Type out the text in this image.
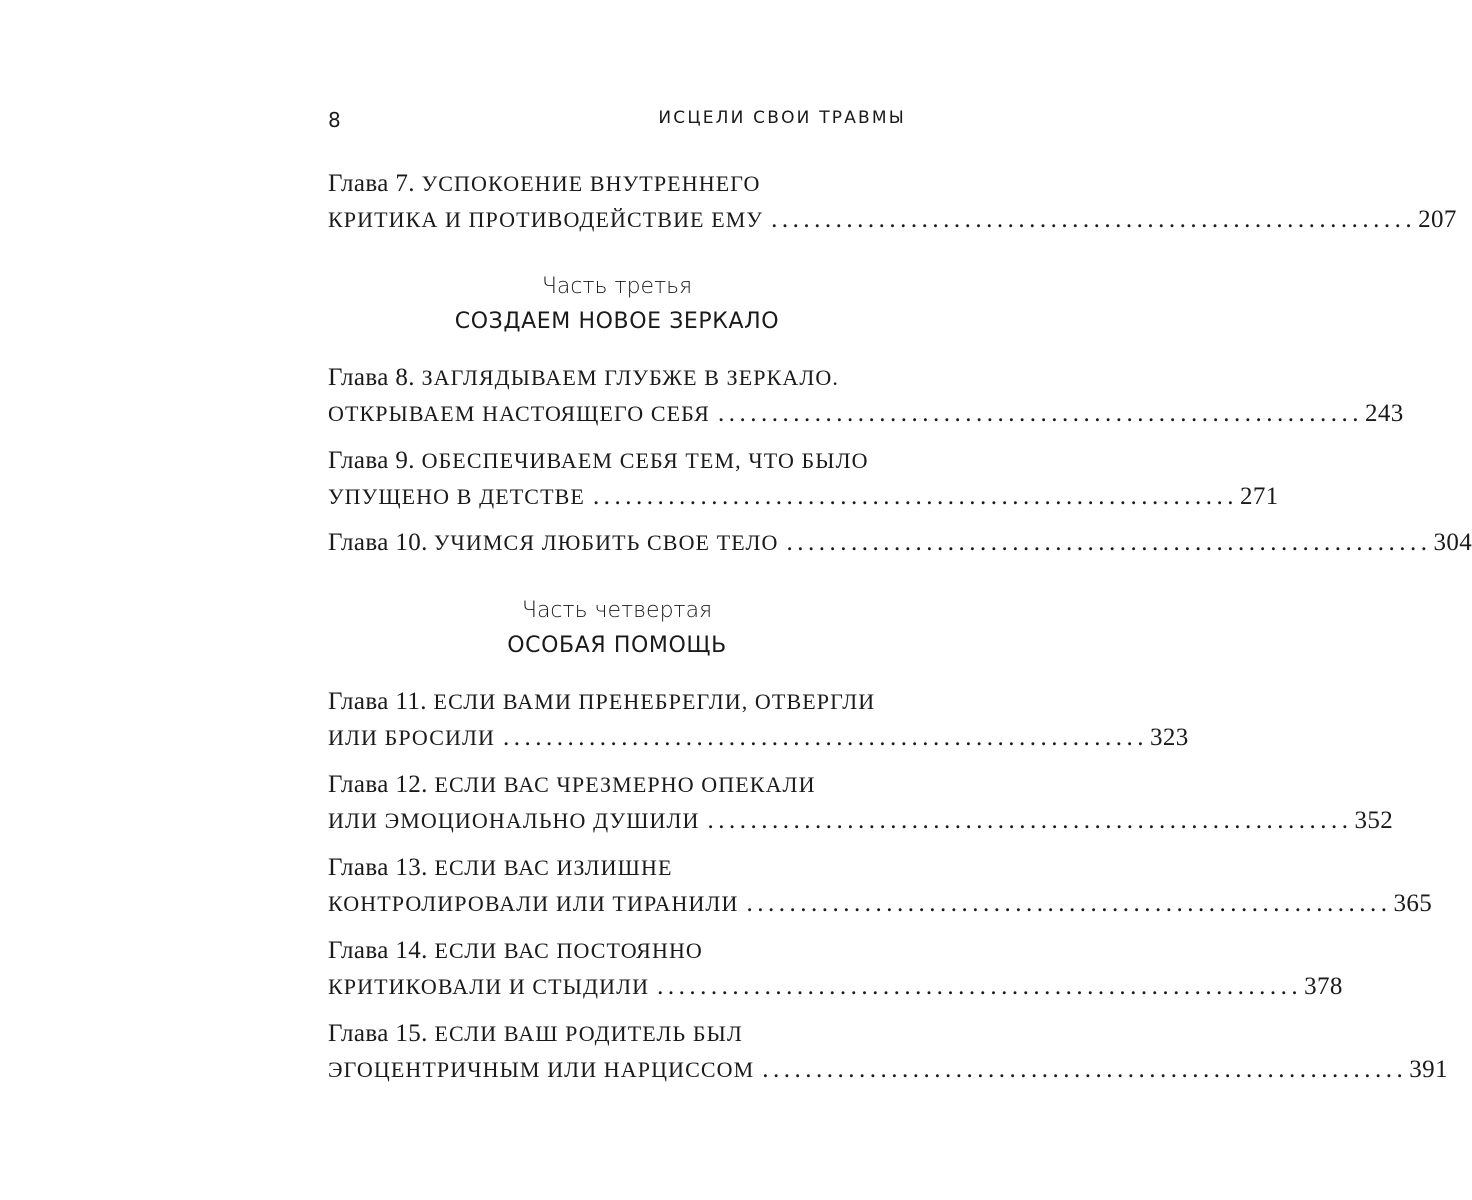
8	ИСЦЕЛИ СВОИ ТРАВМЫ
Глава 7. УСПОКОЕНИЕ ВНУТРЕННЕГО
КРИТИКА И ПРОТИВОДЕЙСТВИЕ ЕМУ ............................................................ 207
Часть третья
СОЗДАЕМ НОВОЕ ЗЕРКАЛО
Глава 8. ЗАГЛЯДЫВАЕМ ГЛУБЖЕ В ЗЕРКАЛО.
ОТКРЫВАЕМ НАСТОЯЩЕГО СЕБЯ ............................................................ 243
Глава 9. ОБЕСПЕЧИВАЕМ СЕБЯ ТЕМ, ЧТО БЫЛО
УПУЩЕНО В ДЕТСТВЕ ............................................................ 271
Глава 10. УЧИМСЯ ЛЮБИТЬ СВОЕ ТЕЛО ............................................................ 304
Часть четвертая
ОСОБАЯ ПОМОЩЬ
Глава 11. ЕСЛИ ВАМИ ПРЕНЕБРЕГЛИ, ОТВЕРГЛИ
ИЛИ БРОСИЛИ ............................................................ 323
Глава 12. ЕСЛИ ВАС ЧРЕЗМЕРНО ОПЕКАЛИ
ИЛИ ЭМОЦИОНАЛЬНО ДУШИЛИ ............................................................ 352
Глава 13. ЕСЛИ ВАС ИЗЛИШНЕ
КОНТРОЛИРОВАЛИ ИЛИ ТИРАНИЛИ ............................................................ 365
Глава 14. ЕСЛИ ВАС ПОСТОЯННО
КРИТИКОВАЛИ И СТЫДИЛИ ............................................................ 378
Глава 15. ЕСЛИ ВАШ РОДИТЕЛЬ БЫЛ
ЭГОЦЕНТРИЧНЫМ ИЛИ НАРЦИССОМ ............................................................ 391
